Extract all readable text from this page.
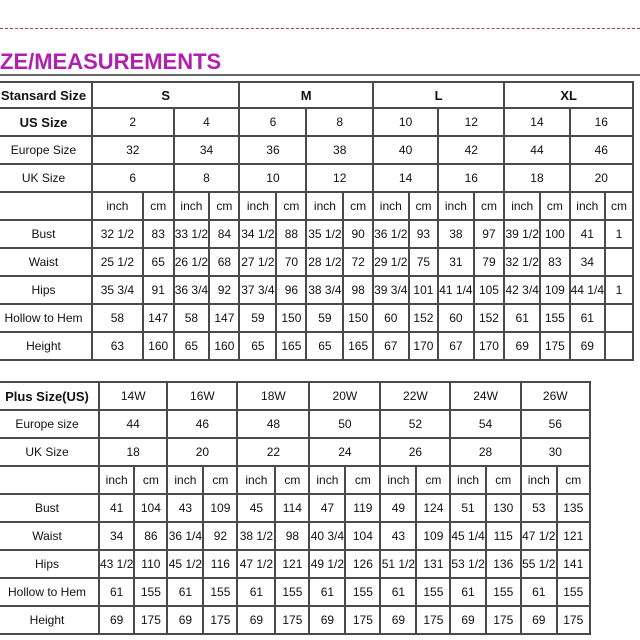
ZE/MEASUREMENTS
Stansard Size	S				M				L				XL			
US Size	2		4		6		8		10		12		14		16	
Europe Size	32		34		36		38		40		42		44		46	
UK Size	6		8		10		12		14		16		18		20	
	inch	cm	inch	cm	inch	cm	inch	cm	inch	cm	inch	cm	inch	cm	inch	cm
Bust	32 1/2	83	33 1/2	84	34 1/2	88	35 1/2	90	36 1/2	93	38	97	39 1/2	100	41	1
Waist	25 1/2	65	26 1/2	68	27 1/2	70	28 1/2	72	29 1/2	75	31	79	32 1/2	83	34	
Hips	35 3/4	91	36 3/4	92	37 3/4	96	38 3/4	98	39 3/4	101	41 1/4	105	42 3/4	109	44 1/4	1
Hollow to Hem	58	147	58	147	59	150	59	150	60	152	60	152	61	155	61	
Height	63	160	65	160	65	165	65	165	67	170	67	170	69	175	69	
Plus Size(US)	14W		16W		18W		20W		22W		24W		26W	
Europe size	44		46		48		50		52		54		56	
UK Size	18		20		22		24		26		28		30	
	inch	cm	inch	cm	inch	cm	inch	cm	inch	cm	inch	cm	inch	cm
Bust	41	104	43	109	45	114	47	119	49	124	51	130	53	135
Waist	34	86	36 1/4	92	38 1/2	98	40 3/4	104	43	109	45 1/4	115	47 1/2	121
Hips	43 1/2	110	45 1/2	116	47 1/2	121	49 1/2	126	51 1/2	131	53 1/2	136	55 1/2	141
Hollow to Hem	61	155	61	155	61	155	61	155	61	155	61	155	61	155
Height	69	175	69	175	69	175	69	175	69	175	69	175	69	175
